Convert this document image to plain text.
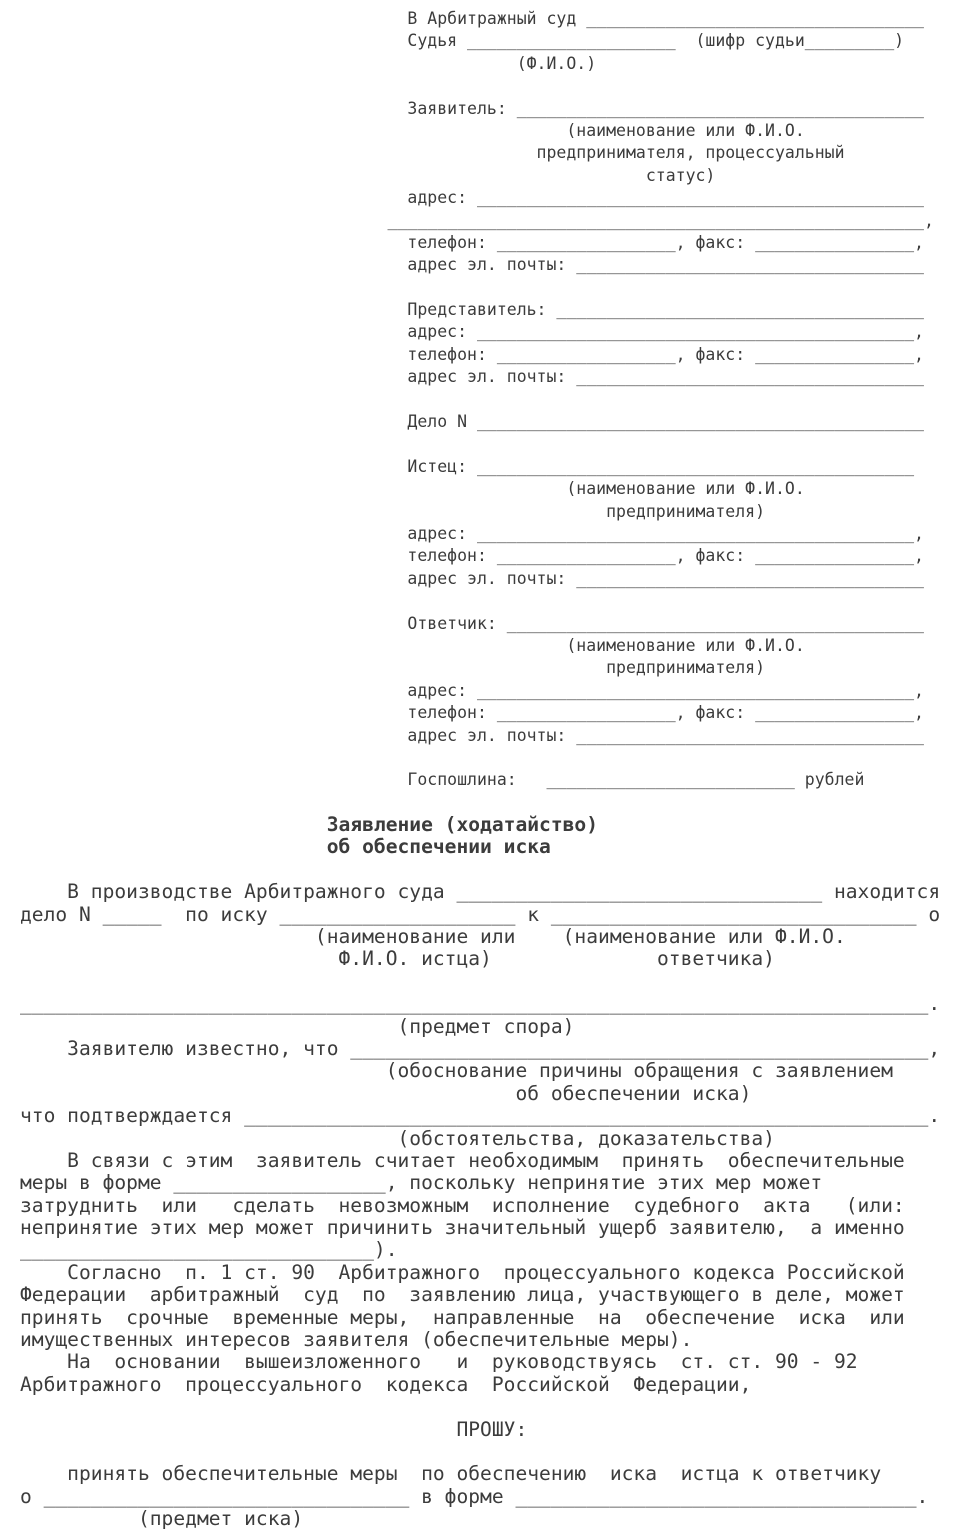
В Арбитражный суд __________________________________
Судья _____________________  (шифр судьи_________)
(Ф.И.О.)
Заявитель: _________________________________________
(наименование или Ф.И.О.
предпринимателя, процессуальный
статус)
адрес: _____________________________________________
______________________________________________________,
телефон: __________________, факс: ________________,
адрес эл. почты: ___________________________________
Представитель: _____________________________________
адрес: ____________________________________________,
телефон: __________________, факс: ________________,
адрес эл. почты: ___________________________________
Дело N _____________________________________________
Истец: ____________________________________________
(наименование или Ф.И.О.
предпринимателя)
адрес: ____________________________________________,
телефон: __________________, факс: ________________,
адрес эл. почты: ___________________________________
Ответчик: __________________________________________
(наименование или Ф.И.О.
предпринимателя)
адрес: ____________________________________________,
телефон: __________________, факс: ________________,
адрес эл. почты: ___________________________________
Госпошлина:   _________________________ рублей
Заявление (ходатайство)
об обеспечении иска
В производстве Арбитражного суда _______________________________ находится
дело N _____  по иску ____________________ к _______________________________ о
(наименование или    (наименование или Ф.И.О.
Ф.И.О. истца)              ответчика)
_____________________________________________________________________________.
(предмет спора)
Заявителю известно, что _________________________________________________,
(обоснование причины обращения с заявлением
об обеспечении иска)
что подтверждается __________________________________________________________.
(обстоятельства, доказательства)
В связи с этим  заявитель считает необходимым  принять  обеспечительные
меры в форме __________________, поскольку непринятие этих мер может
затруднить  или   сделать  невозможным  исполнение  судебного  акта   (или:
непринятие этих мер может причинить значительный ущерб заявителю,  а именно
______________________________).
Согласно  п. 1 ст. 90  Арбитражного  процессуального кодекса Российской
Федерации  арбитражный  суд  по  заявлению лица, участвующего в деле, может
принять  срочные  временные меры,  направленные  на  обеспечение  иска  или
имущественных интересов заявителя (обеспечительные меры).
На  основании  вышеизложенного   и  руководствуясь  ст. ст. 90 - 92
Арбитражного  процессуального  кодекса  Российской  Федерации,
ПРОШУ:
принять обеспечительные меры  по обеспечению  иска  истца к ответчику
о _______________________________ в форме __________________________________.
(предмет иска)
